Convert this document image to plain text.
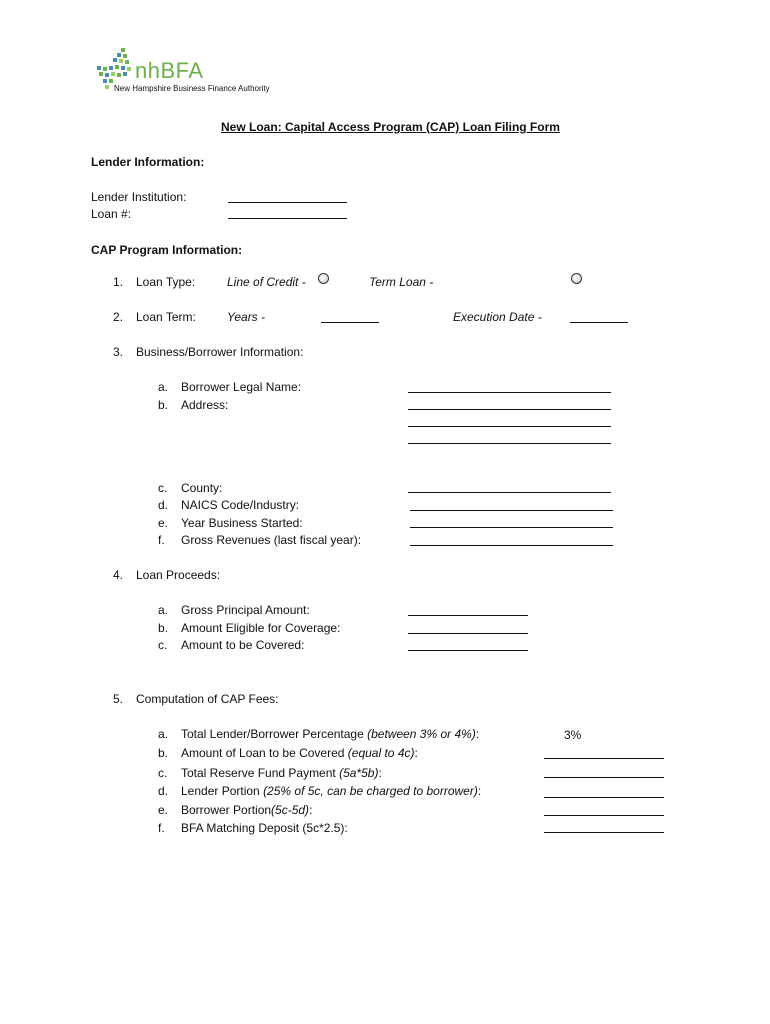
nhBFA
New Hampshire Business Finance Authority
New Loan: Capital Access Program (CAP) Loan Filing Form
Lender Information:
Lender Institution:
Loan #:
CAP Program Information:
1. Loan Type:	Line of Credit -	Term Loan -
2. Loan Term:	Years -	Execution Date -
3. Business/Borrower Information:
a. Borrower Legal Name:
b. Address:
c. County:
d. NAICS Code/Industry:
e. Year Business Started:
f. Gross Revenues (last fiscal year):
4. Loan Proceeds:
a. Gross Principal Amount:
b. Amount Eligible for Coverage:
c. Amount to be Covered:
5. Computation of CAP Fees:
a. Total Lender/Borrower Percentage (between 3% or 4%):	3%
b. Amount of Loan to be Covered (equal to 4c):
c. Total Reserve Fund Payment (5a*5b):
d. Lender Portion (25% of 5c, can be charged to borrower):
e. Borrower Portion(5c-5d):
f. BFA Matching Deposit (5c*2.5):
